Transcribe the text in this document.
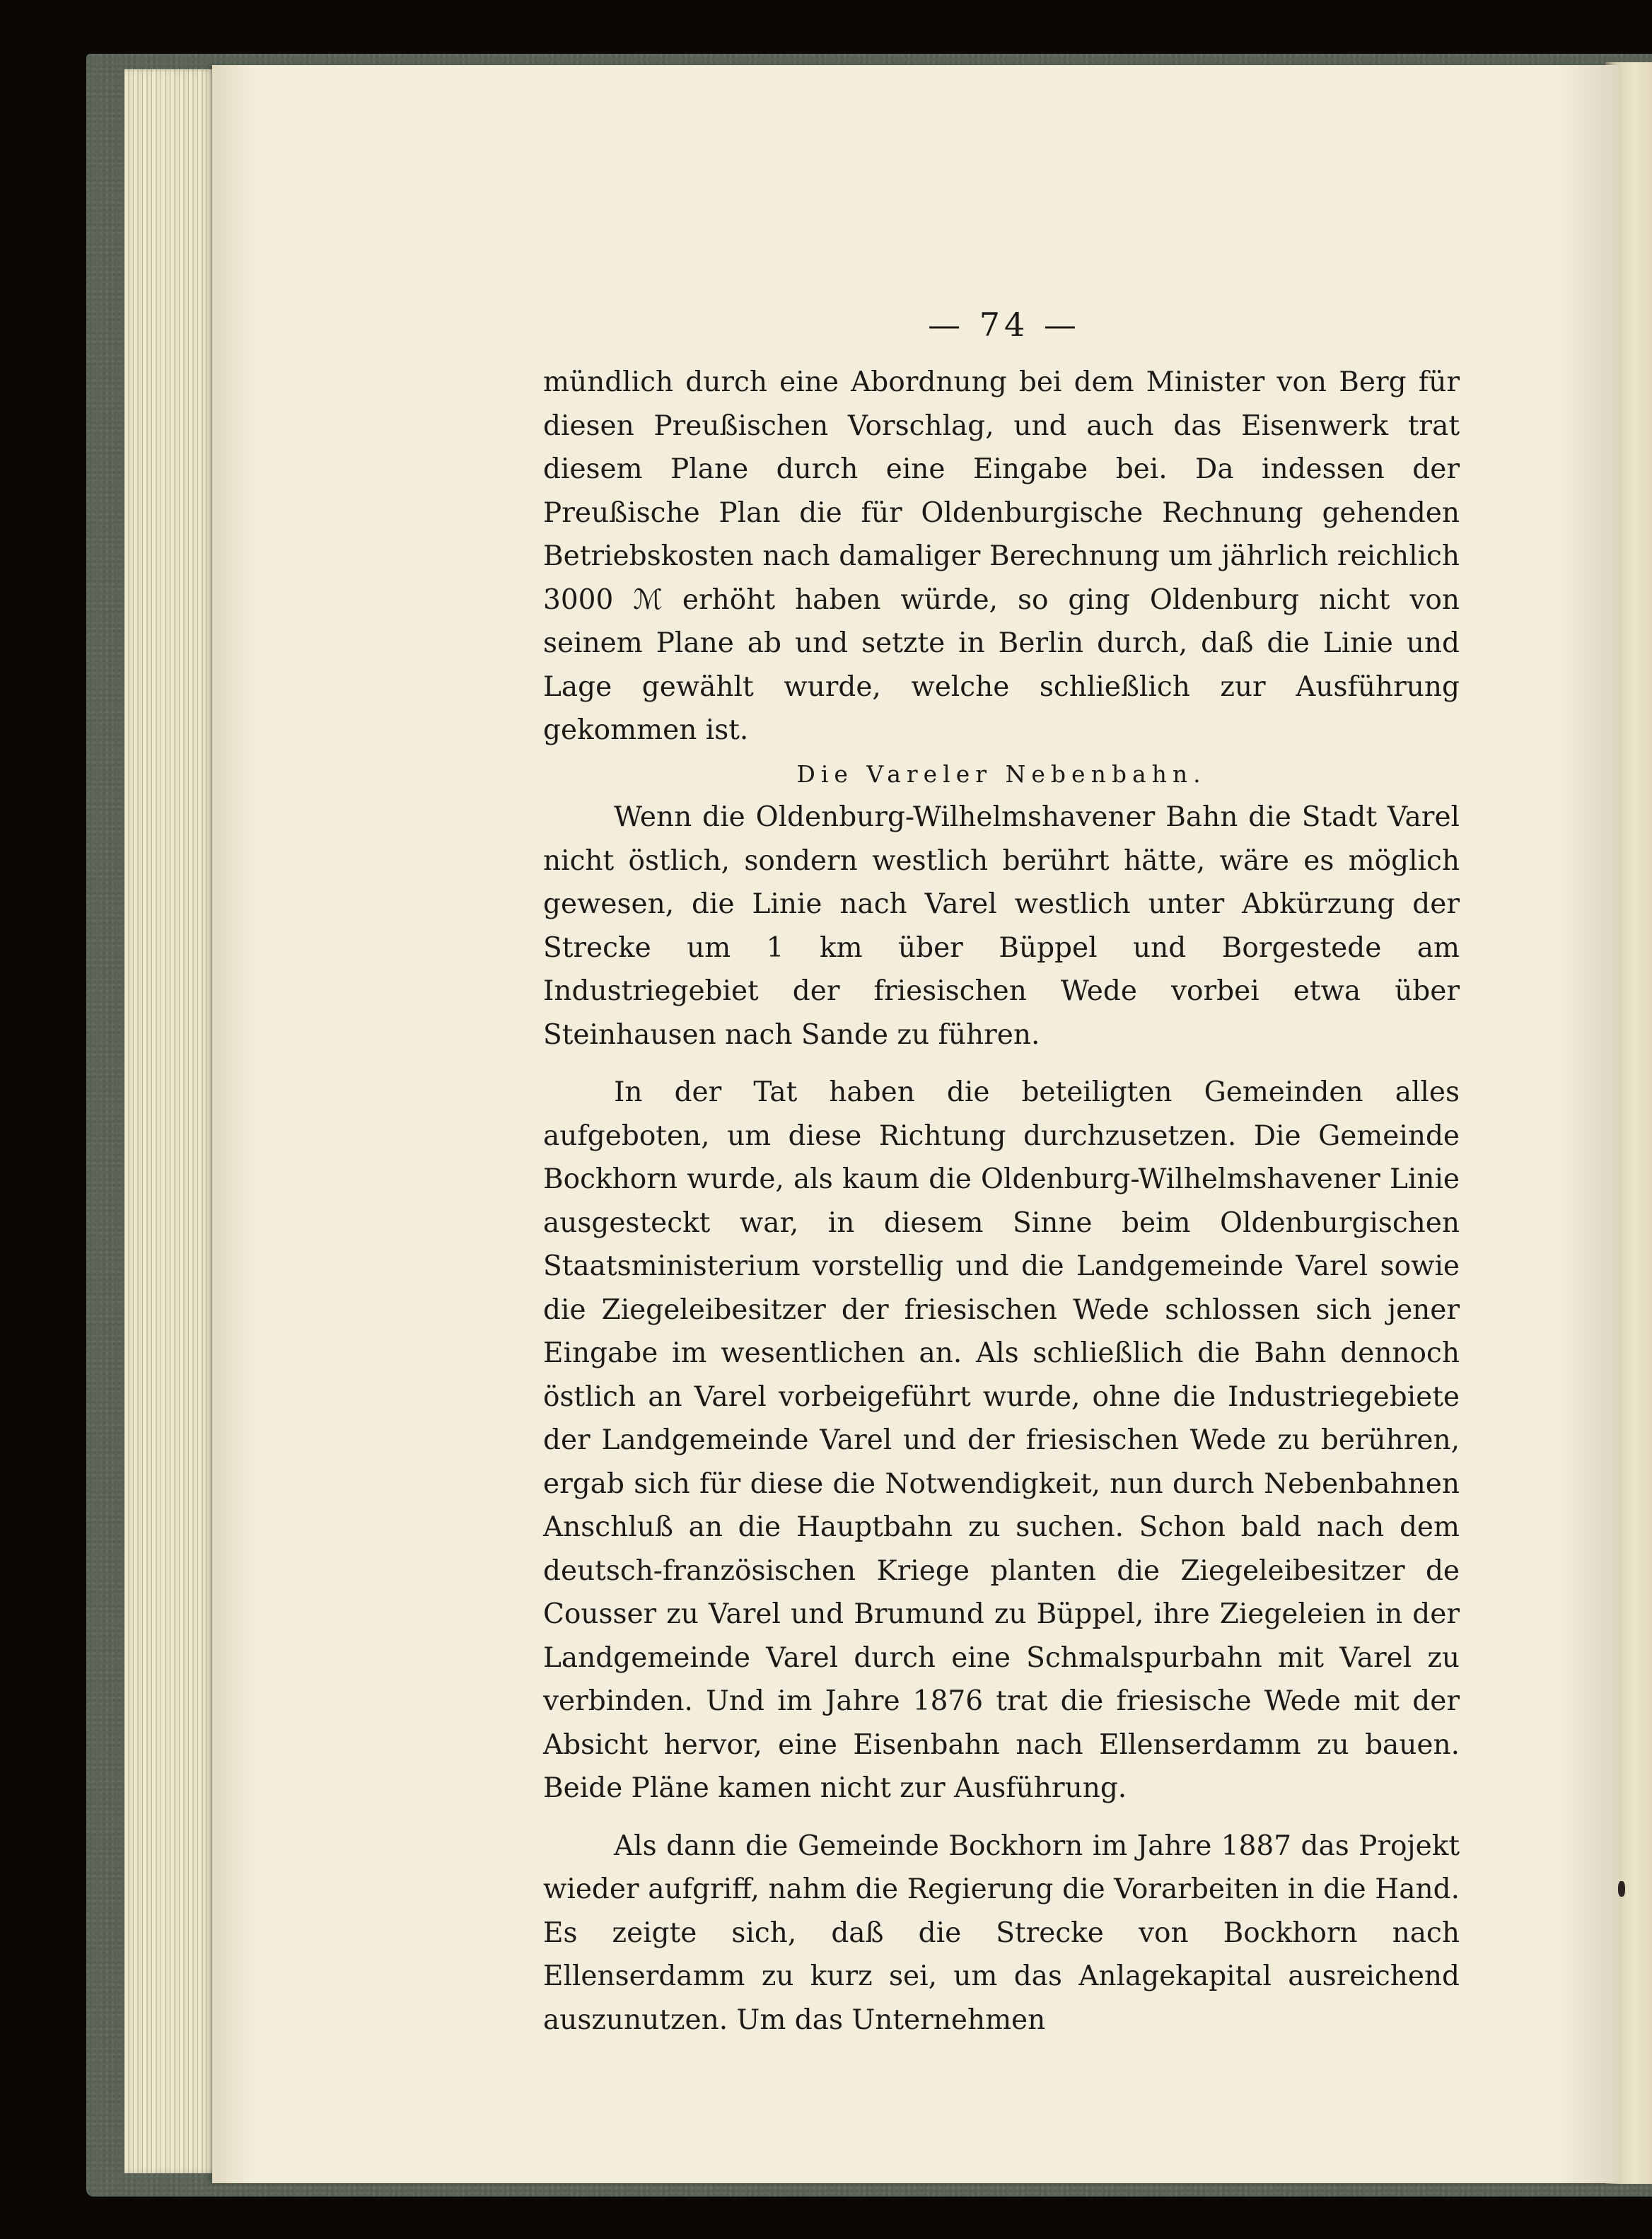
— 74 —

mündlich durch eine Abordnung bei dem Minister von Berg für diesen Preußischen Vorschlag, und auch das Eisenwerk trat diesem Plane durch eine Eingabe bei. Da indessen der Preußische Plan die für Oldenburgische Rechnung gehenden Betriebskosten nach damaliger Berechnung um jährlich reichlich 3000 ℳ erhöht haben würde, so ging Oldenburg nicht von seinem Plane ab und setzte in Berlin durch, daß die Linie und Lage gewählt wurde, welche schließlich zur Ausführung gekommen ist.

Die Vareler Nebenbahn.

Wenn die Oldenburg-Wilhelmshavener Bahn die Stadt Varel nicht östlich, sondern westlich berührt hätte, wäre es möglich gewesen, die Linie nach Varel westlich unter Abkürzung der Strecke um 1 km über Büppel und Borgestede am Industriegebiet der friesischen Wede vorbei etwa über Steinhausen nach Sande zu führen.

In der Tat haben die beteiligten Gemeinden alles aufgeboten, um diese Richtung durchzusetzen. Die Gemeinde Bockhorn wurde, als kaum die Oldenburg-Wilhelmshavener Linie ausgesteckt war, in diesem Sinne beim Oldenburgischen Staatsministerium vorstellig und die Landgemeinde Varel sowie die Ziegeleibesitzer der friesischen Wede schlossen sich jener Eingabe im wesentlichen an. Als schließlich die Bahn dennoch östlich an Varel vorbeigeführt wurde, ohne die Industriegebiete der Landgemeinde Varel und der friesischen Wede zu berühren, ergab sich für diese die Notwendigkeit, nun durch Nebenbahnen Anschluß an die Hauptbahn zu suchen. Schon bald nach dem deutsch-französischen Kriege planten die Ziegeleibesitzer de Cousser zu Varel und Brumund zu Büppel, ihre Ziegeleien in der Landgemeinde Varel durch eine Schmalspurbahn mit Varel zu verbinden. Und im Jahre 1876 trat die friesische Wede mit der Absicht hervor, eine Eisenbahn nach Ellenserdamm zu bauen. Beide Pläne kamen nicht zur Ausführung.

Als dann die Gemeinde Bockhorn im Jahre 1887 das Projekt wieder aufgriff, nahm die Regierung die Vorarbeiten in die Hand. Es zeigte sich, daß die Strecke von Bockhorn nach Ellenserdamm zu kurz sei, um das Anlagekapital ausreichend auszunutzen. Um das Unternehmen
